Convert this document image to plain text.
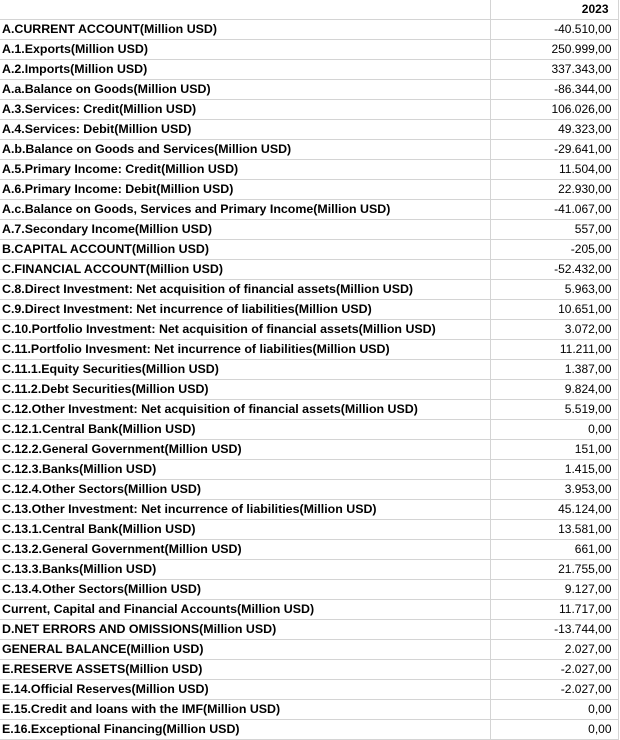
	2023
A.CURRENT ACCOUNT(Million USD)	-40.510,00
A.1.Exports(Million USD)	250.999,00
A.2.Imports(Million USD)	337.343,00
A.a.Balance on Goods(Million USD)	-86.344,00
A.3.Services: Credit(Million USD)	106.026,00
A.4.Services: Debit(Million USD)	49.323,00
A.b.Balance on Goods and Services(Million USD)	-29.641,00
A.5.Primary Income: Credit(Million USD)	11.504,00
A.6.Primary Income: Debit(Million USD)	22.930,00
A.c.Balance on Goods, Services and Primary Income(Million USD)	-41.067,00
A.7.Secondary Income(Million USD)	557,00
B.CAPITAL ACCOUNT(Million USD)	-205,00
C.FINANCIAL ACCOUNT(Million USD)	-52.432,00
C.8.Direct Investment: Net acquisition of financial assets(Million USD)	5.963,00
C.9.Direct Investment: Net incurrence of liabilities(Million USD)	10.651,00
C.10.Portfolio Investment: Net acquisition of financial assets(Million USD)	3.072,00
C.11.Portfolio Invesment: Net incurrence of liabilities(Million USD)	11.211,00
C.11.1.Equity Securities(Million USD)	1.387,00
C.11.2.Debt Securities(Million USD)	9.824,00
C.12.Other Investment: Net acquisition of financial assets(Million USD)	5.519,00
C.12.1.Central Bank(Million USD)	0,00
C.12.2.General Government(Million USD)	151,00
C.12.3.Banks(Million USD)	1.415,00
C.12.4.Other Sectors(Million USD)	3.953,00
C.13.Other Investment: Net incurrence of liabilities(Million USD)	45.124,00
C.13.1.Central Bank(Million USD)	13.581,00
C.13.2.General Government(Million USD)	661,00
C.13.3.Banks(Million USD)	21.755,00
C.13.4.Other Sectors(Million USD)	9.127,00
Current, Capital and Financial Accounts(Million USD)	11.717,00
D.NET ERRORS AND OMISSIONS(Million USD)	-13.744,00
GENERAL BALANCE(Million USD)	2.027,00
E.RESERVE ASSETS(Million USD)	-2.027,00
E.14.Official Reserves(Million USD)	-2.027,00
E.15.Credit and loans with the IMF(Million USD)	0,00
E.16.Exceptional Financing(Million USD)	0,00
